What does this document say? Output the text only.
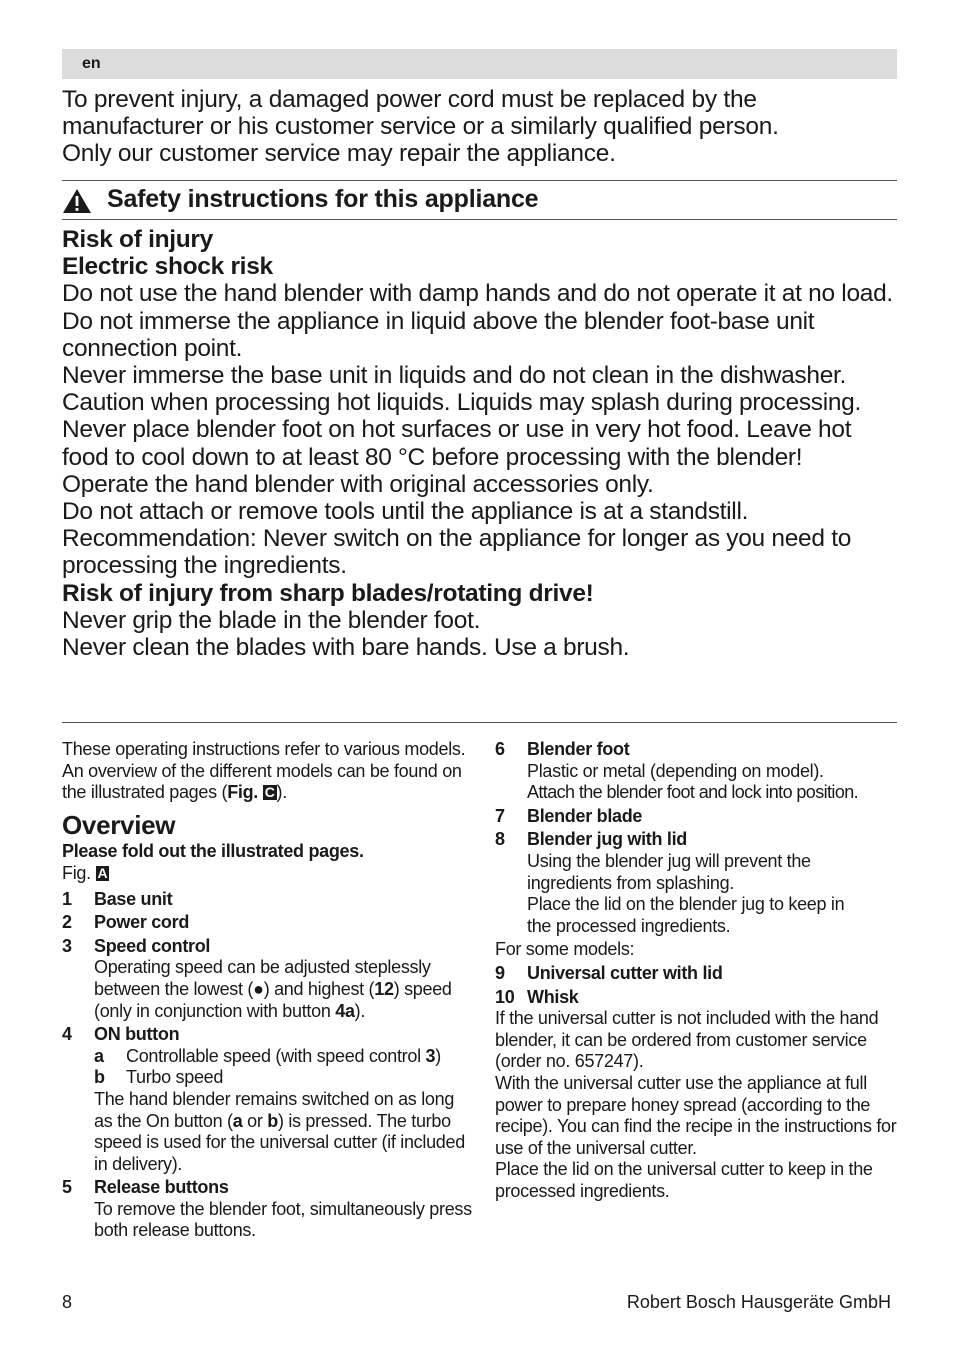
en
To prevent injury, a damaged power cord must be replaced by the
manufacturer or his customer service or a similarly qualified person.
Only our customer service may repair the appliance.
Safety instructions for this appliance

Risk of injury

Electric shock risk

Do not use the hand blender with damp hands and do not operate it at no load.

Do not immerse the appliance in liquid above the blender foot-base unit connection point.

Never immerse the base unit in liquids and do not clean in the dishwasher.

Caution when processing hot liquids. Liquids may splash during processing.

Never place blender foot on hot surfaces or use in very hot food. Leave hot food to cool down to at least 80 °C before processing with the blender!

Operate the hand blender with original accessories only.

Do not attach or remove tools until the appliance is at a standstill.

Recommendation: Never switch on the appliance for longer as you need to processing the ingredients.

Risk of injury from sharp blades/rotating drive!

Never grip the blade in the blender foot.

Never clean the blades with bare hands. Use a brush.

These operating instructions refer to various models. An overview of the different models can be found on the illustrated pages (Fig. C ).

Overview

Please fold out the illustrated pages.

Fig. A

1 Base unit
2 Power cord
3 Speed control
Operating speed can be adjusted steplessly between the lowest (●) and highest (12) speed (only in conjunction with button 4a).
4 ON button
a Controllable speed (with speed control 3)
b Turbo speed
The hand blender remains switched on as long as the On button (a or b) is pressed. The turbo speed is used for the universal cutter (if included in delivery).
5 Release buttons
To remove the blender foot, simultaneously press both release buttons.
6 Blender foot
Plastic or metal (depending on model).
Attach the blender foot and lock into position.
7 Blender blade
8 Blender jug with lid
Using the blender jug will prevent the ingredients from splashing.
Place the lid on the blender jug to keep in the processed ingredients.

For some models:

9 Universal cutter with lid
10 Whisk

If the universal cutter is not included with the hand blender, it can be ordered from customer service (order no. 657247).

With the universal cutter use the appliance at full power to prepare honey spread (according to the recipe). You can find the recipe in the instructions for use of the universal cutter.

Place the lid on the universal cutter to keep in the processed ingredients.

8	Robert Bosch Hausgeräte GmbH
